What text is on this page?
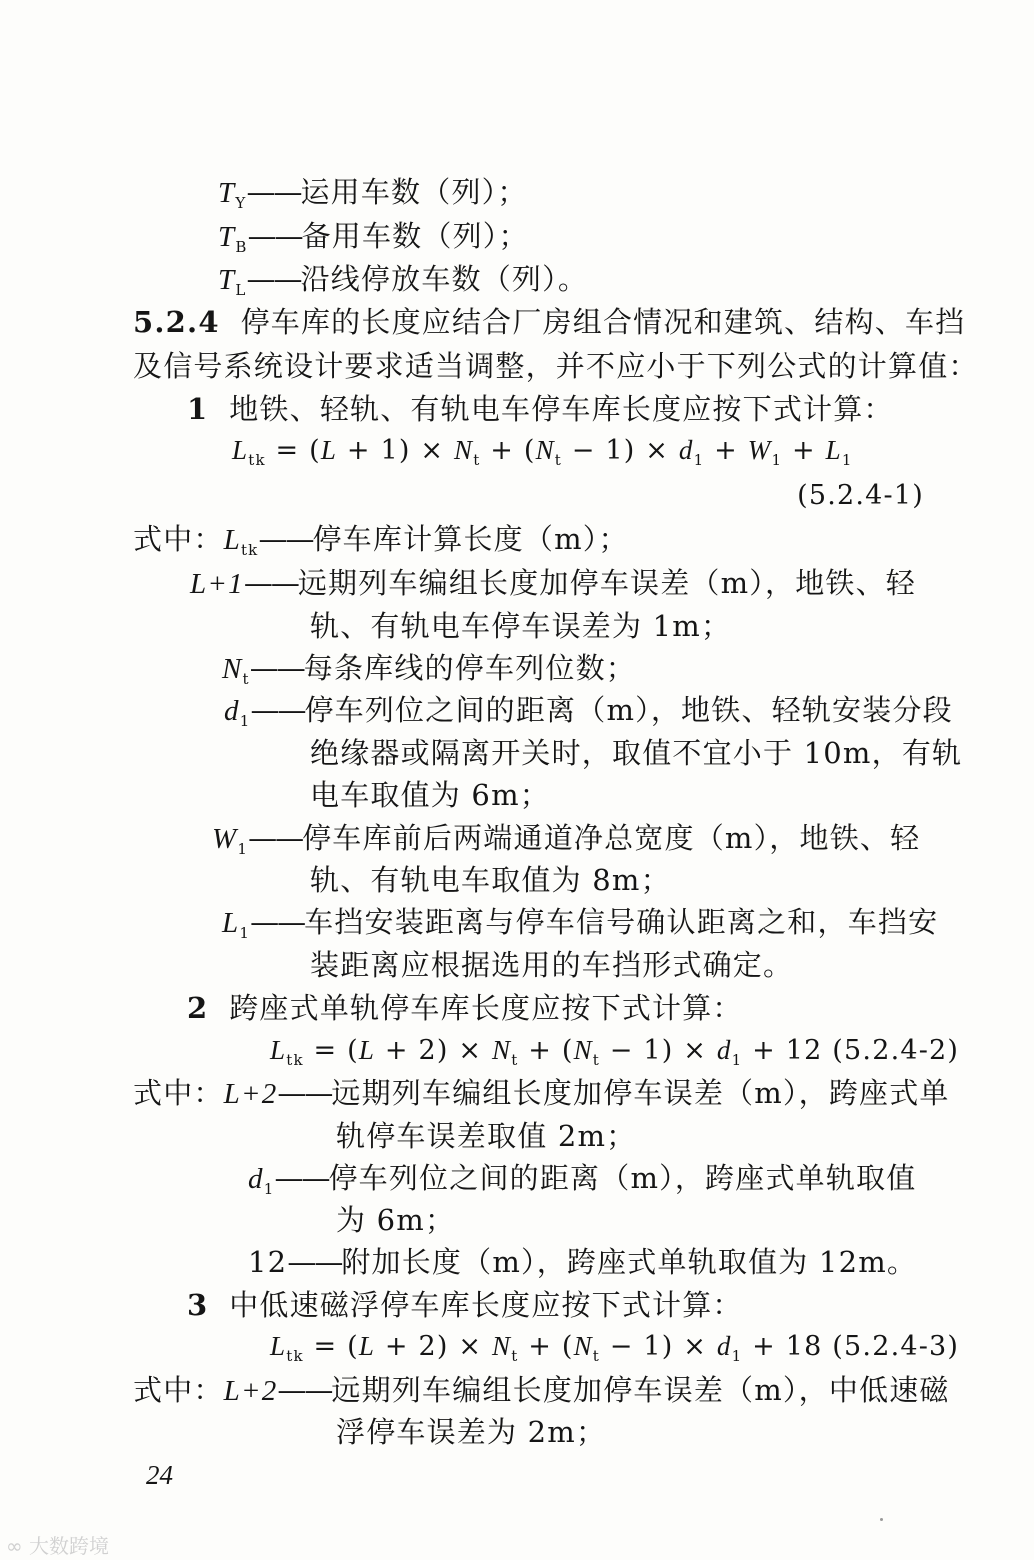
$T_Y——$运用车数（列）；
$T_B——$备用车数（列）；
$T_L——$沿线停放车数（列）。
5.2.4 停车库的长度应结合厂房组合情况和建筑、结构、车挡
及信号系统设计要求适当调整，并不应小于下列公式的计算值：
1 地铁、轻轨、有轨电车停车库长度应按下式计算：
$L_{tk} = (L + 1) \times N_t + (N_t - 1) \times d_1 + W_1 + L_1$
(5.2.4-1)
式中：$L_{tk}——$停车库计算长度（m）；
L+1——远期列车编组长度加停车误差（m），地铁、轻
轨、有轨电车停车误差为 1m；
$N_t——$每条库线的停车列位数；
$d_1——$停车列位之间的距离（m），地铁、轻轨安装分段
绝缘器或隔离开关时，取值不宜小于 10m，有轨
电车取值为 6m；
$W_1——$停车库前后两端通道净总宽度（m），地铁、轻
轨、有轨电车取值为 8m；
$L_1——$车挡安装距离与停车信号确认距离之和，车挡安
装距离应根据选用的车挡形式确定。
2 跨座式单轨停车库长度应按下式计算：
$L_{tk} = (L + 2) \times N_t + (N_t - 1) \times d_1 + 12$ (5.2.4-2)
式中：L+2——远期列车编组长度加停车误差（m），跨座式单
轨停车误差取值 2m；
$d_1——$停车列位之间的距离（m），跨座式单轨取值
为 6m；
12——附加长度（m），跨座式单轨取值为 12m。
3 中低速磁浮停车库长度应按下式计算：
$L_{tk} = (L + 2) \times N_t + (N_t - 1) \times d_1 + 18$ (5.2.4-3)
式中：L+2——远期列车编组长度加停车误差（m），中低速磁
浮停车误差为 2m；
24
∞ 大数跨境
